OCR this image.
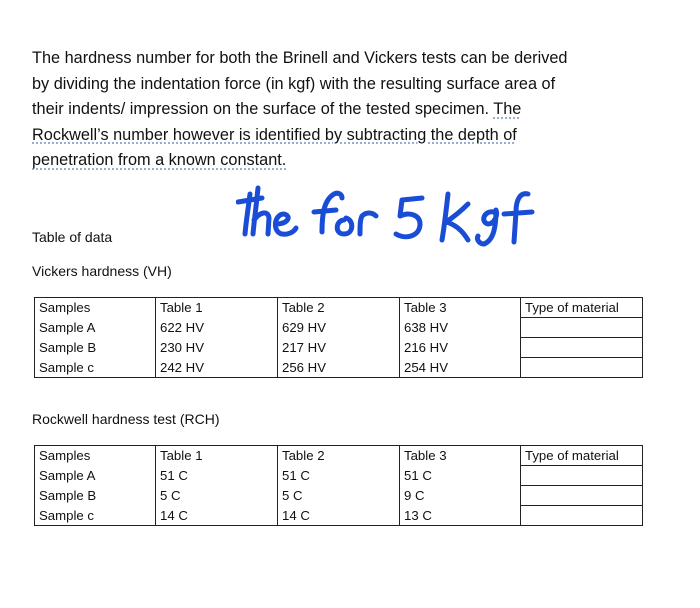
The hardness number for both the Brinell and Vickers tests can be derived by dividing the indentation force (in kgf) with the resulting surface area of their indents/ impression on the surface of the tested specimen. The Rockwell’s number however is identified by subtracting the depth of penetration from a known constant.

Table of data

Vickers hardness (VH)

Samples	Table 1	Table 2	Table 3	Type of material
Sample A	622 HV	629 HV	638 HV	
Sample B	230 HV	217 HV	216 HV	
Sample c	242 HV	256 HV	254 HV	

Rockwell hardness test (RCH)

Samples	Table 1	Table 2	Table 3	Type of material
Sample A	51 C	51 C	51 C	
Sample B	5 C	5 C	9 C	
Sample c	14 C	14 C	13 C	
